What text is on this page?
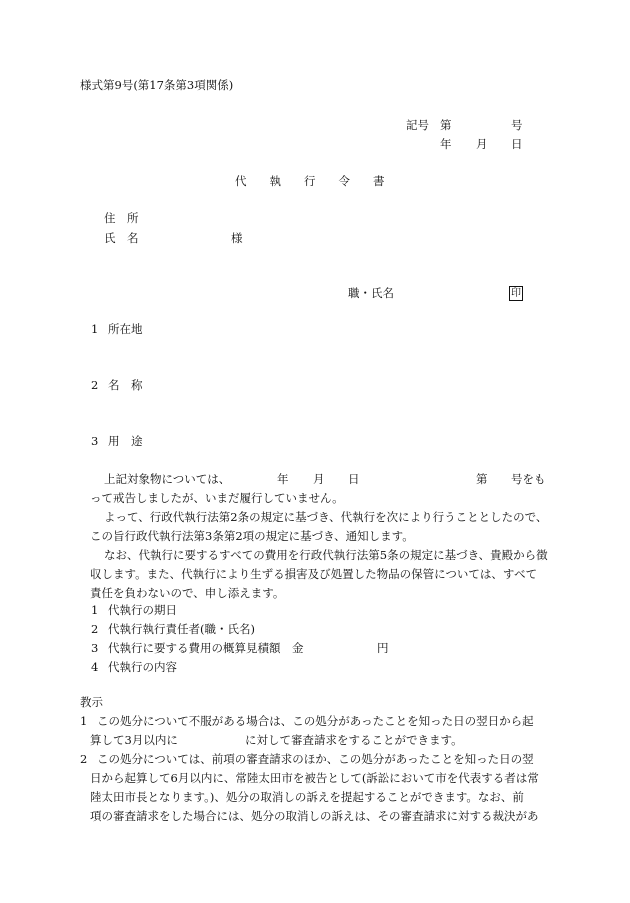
様式第9号(第17条第3項関係)
記号 第	号
年 月 日
代　　執　　行　　令　　書
住　所
氏　名	様
職・氏名	印
1 所在地
2 名　称
3 用　途
上記対象物については、	年 月 日	第 号をも
って戒告しましたが、いまだ履行していません。
よって、行政代執行法第2条の規定に基づき、代執行を次により行うこととしたので、
この旨行政代執行法第3条第2項の規定に基づき、通知します。
なお、代執行に要するすべての費用を行政代執行法第5条の規定に基づき、貴殿から徴
収します。また、代執行により生ずる損害及び処置した物品の保管については、すべて
責任を負わないので、申し添えます。
1 代執行の期日
2 代執行執行責任者(職・氏名)
3 代執行に要する費用の概算見積額　金	円
4 代執行の内容
教示
1 この処分について不服がある場合は、この処分があったことを知った日の翌日から起
算して3月以内に	に対して審査請求をすることができます。
2 この処分については、前項の審査請求のほか、この処分があったことを知った日の翌
日から起算して6月以内に、常陸太田市を被告として(訴訟において市を代表する者は常
陸太田市長となります。)、処分の取消しの訴えを提起することができます。なお、前
項の審査請求をした場合には、処分の取消しの訴えは、その審査請求に対する裁決があ
